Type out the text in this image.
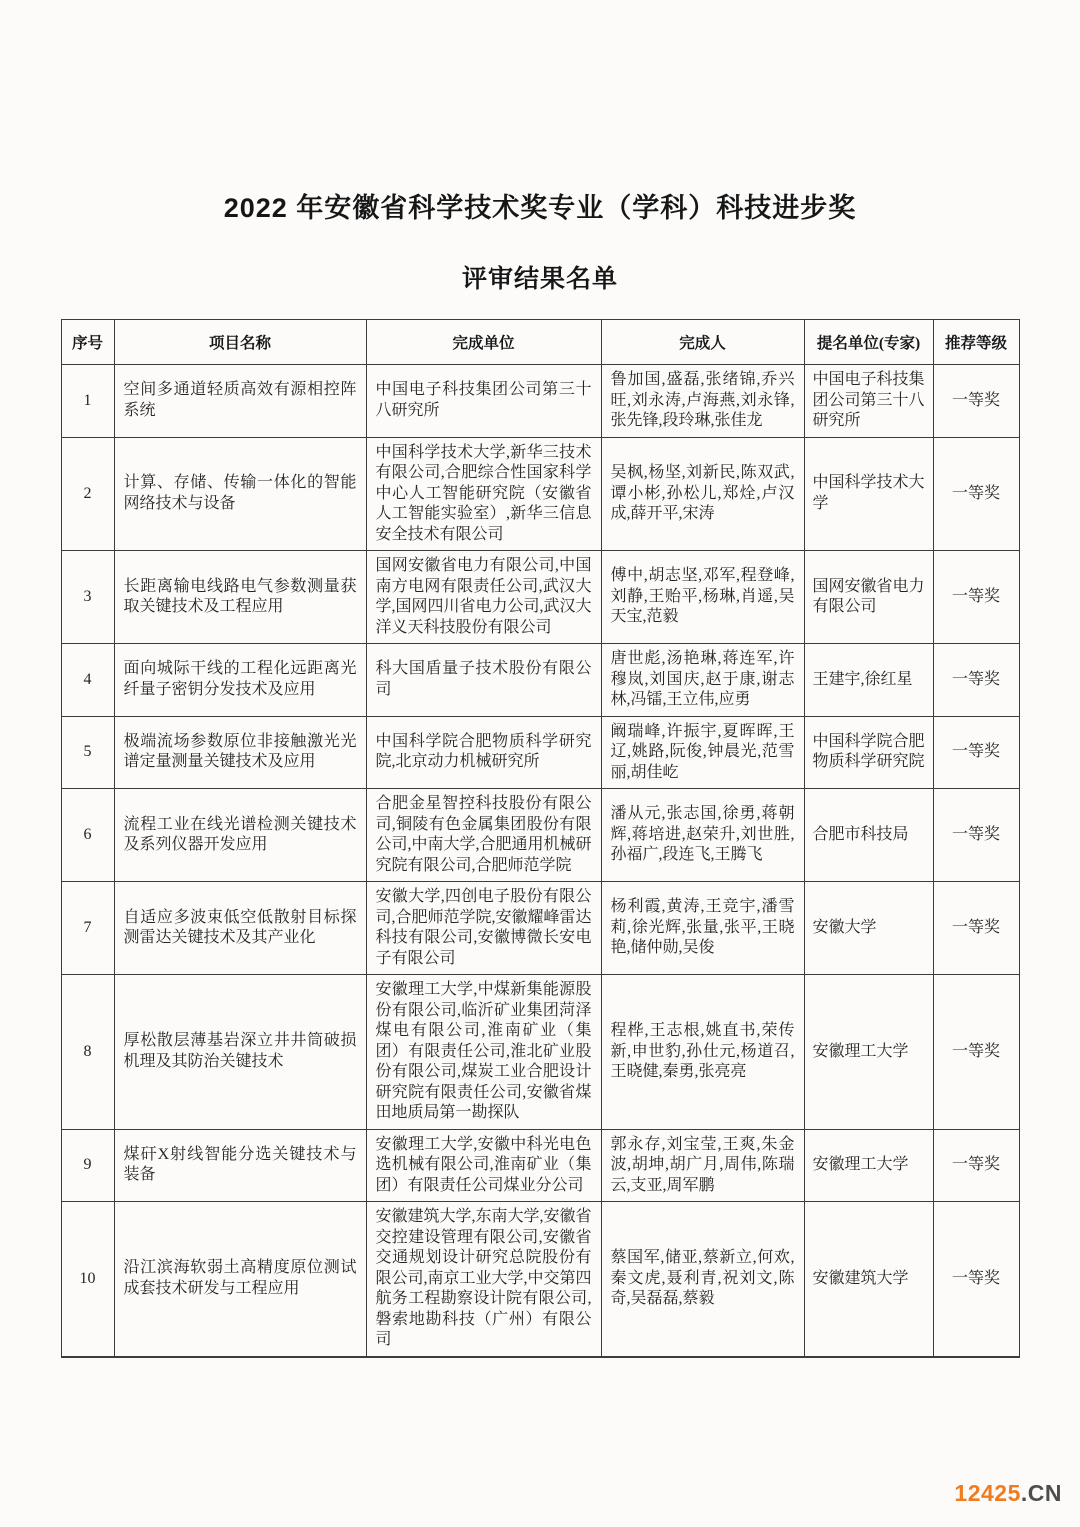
2022 年安徽省科学技术奖专业（学科）科技进步奖
评审结果名单
序号	项目名称	完成单位	完成人	提名单位(专家)	推荐等级
1	空间多通道轻质高效有源相控阵系统	中国电子科技集团公司第三十八研究所	鲁加国,盛磊,张绪锦,乔兴旺,刘永涛,卢海燕,刘永锋,张先锋,段玲琳,张佳龙	中国电子科技集团公司第三十八研究所	一等奖
2	计算、存储、传输一体化的智能网络技术与设备	中国科学技术大学,新华三技术有限公司,合肥综合性国家科学中心人工智能研究院（安徽省人工智能实验室）,新华三信息安全技术有限公司	吴枫,杨坚,刘新民,陈双武,谭小彬,孙松儿,郑烇,卢汉成,薛开平,宋涛	中国科学技术大学	一等奖
3	长距离输电线路电气参数测量获取关键技术及工程应用	国网安徽省电力有限公司,中国南方电网有限责任公司,武汉大学,国网四川省电力公司,武汉大洋义天科技股份有限公司	傅中,胡志坚,邓军,程登峰,刘静,王贻平,杨琳,肖遥,吴天宝,范毅	国网安徽省电力有限公司	一等奖
4	面向城际干线的工程化远距离光纤量子密钥分发技术及应用	科大国盾量子技术股份有限公司	唐世彪,汤艳琳,蒋连军,许穆岚,刘国庆,赵于康,谢志林,冯镭,王立伟,应勇	王建宇,徐红星	一等奖
5	极端流场参数原位非接触激光光谱定量测量关键技术及应用	中国科学院合肥物质科学研究院,北京动力机械研究所	阚瑞峰,许振宇,夏晖晖,王辽,姚路,阮俊,钟晨光,范雪丽,胡佳屹	中国科学院合肥物质科学研究院	一等奖
6	流程工业在线光谱检测关键技术及系列仪器开发应用	合肥金星智控科技股份有限公司,铜陵有色金属集团股份有限公司,中南大学,合肥通用机械研究院有限公司,合肥师范学院	潘从元,张志国,徐勇,蒋朝辉,蒋培进,赵荣升,刘世胜,孙福广,段连飞,王腾飞	合肥市科技局	一等奖
7	自适应多波束低空低散射目标探测雷达关键技术及其产业化	安徽大学,四创电子股份有限公司,合肥师范学院,安徽耀峰雷达科技有限公司,安徽博微长安电子有限公司	杨利霞,黄涛,王竞宇,潘雪莉,徐光辉,张量,张平,王晓艳,储仲勋,吴俊	安徽大学	一等奖
8	厚松散层薄基岩深立井井筒破损机理及其防治关键技术	安徽理工大学,中煤新集能源股份有限公司,临沂矿业集团菏泽煤电有限公司,淮南矿业（集团）有限责任公司,淮北矿业股份有限公司,煤炭工业合肥设计研究院有限责任公司,安徽省煤田地质局第一勘探队	程桦,王志根,姚直书,荣传新,申世豹,孙仕元,杨道召,王晓健,秦勇,张亮亮	安徽理工大学	一等奖
9	煤矸X射线智能分选关键技术与装备	安徽理工大学,安徽中科光电色选机械有限公司,淮南矿业（集团）有限责任公司煤业分公司	郭永存,刘宝莹,王爽,朱金波,胡坤,胡广月,周伟,陈瑞云,支亚,周军鹏	安徽理工大学	一等奖
10	沿江滨海软弱土高精度原位测试成套技术研发与工程应用	安徽建筑大学,东南大学,安徽省交控建设管理有限公司,安徽省交通规划设计研究总院股份有限公司,南京工业大学,中交第四航务工程勘察设计院有限公司,磐索地勘科技（广州）有限公司	蔡国军,储亚,蔡新立,何欢,秦文虎,聂利青,祝刘文,陈奇,吴磊磊,蔡毅	安徽建筑大学	一等奖
12425.CN
